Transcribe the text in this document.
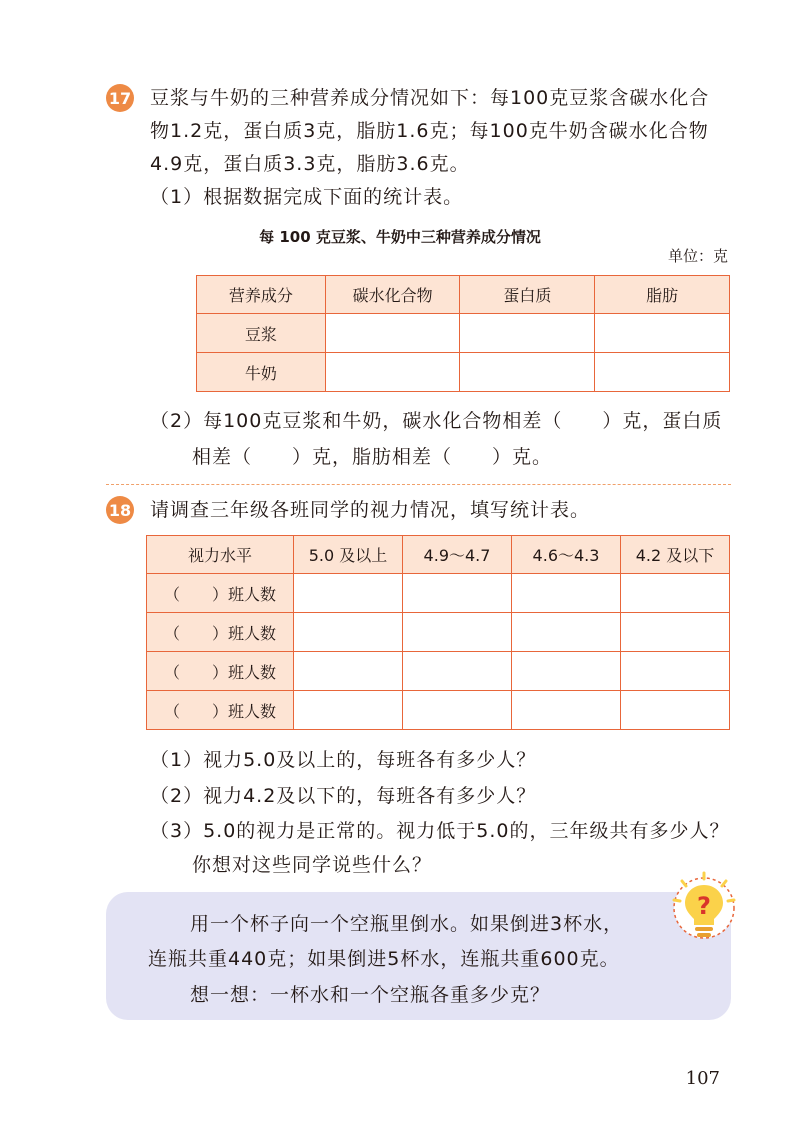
17 豆浆与牛奶的三种营养成分情况如下：每100克豆浆含碳水化合
物1.2克，蛋白质3克，脂肪1.6克；每100克牛奶含碳水化合物
4.9克，蛋白质3.3克，脂肪3.6克。
（1）根据数据完成下面的统计表。
每 100 克豆浆、牛奶中三种营养成分情况
单位：克
营养成分	碳水化合物	蛋白质	脂肪
豆浆			
牛奶			
（2）每100克豆浆和牛奶，碳水化合物相差（　　）克，蛋白质
相差（　　）克，脂肪相差（　　）克。
18 请调查三年级各班同学的视力情况，填写统计表。
视力水平	5.0 及以上	4.9～4.7	4.6～4.3	4.2 及以下
（　　）班人数				
（　　）班人数				
（　　）班人数				
（　　）班人数				
（1）视力5.0及以上的，每班各有多少人？
（2）视力4.2及以下的，每班各有多少人？
（3）5.0的视力是正常的。视力低于5.0的，三年级共有多少人？
你想对这些同学说些什么？
用一个杯子向一个空瓶里倒水。如果倒进3杯水，
连瓶共重440克；如果倒进5杯水，连瓶共重600克。
想一想：一杯水和一个空瓶各重多少克？
?
107
